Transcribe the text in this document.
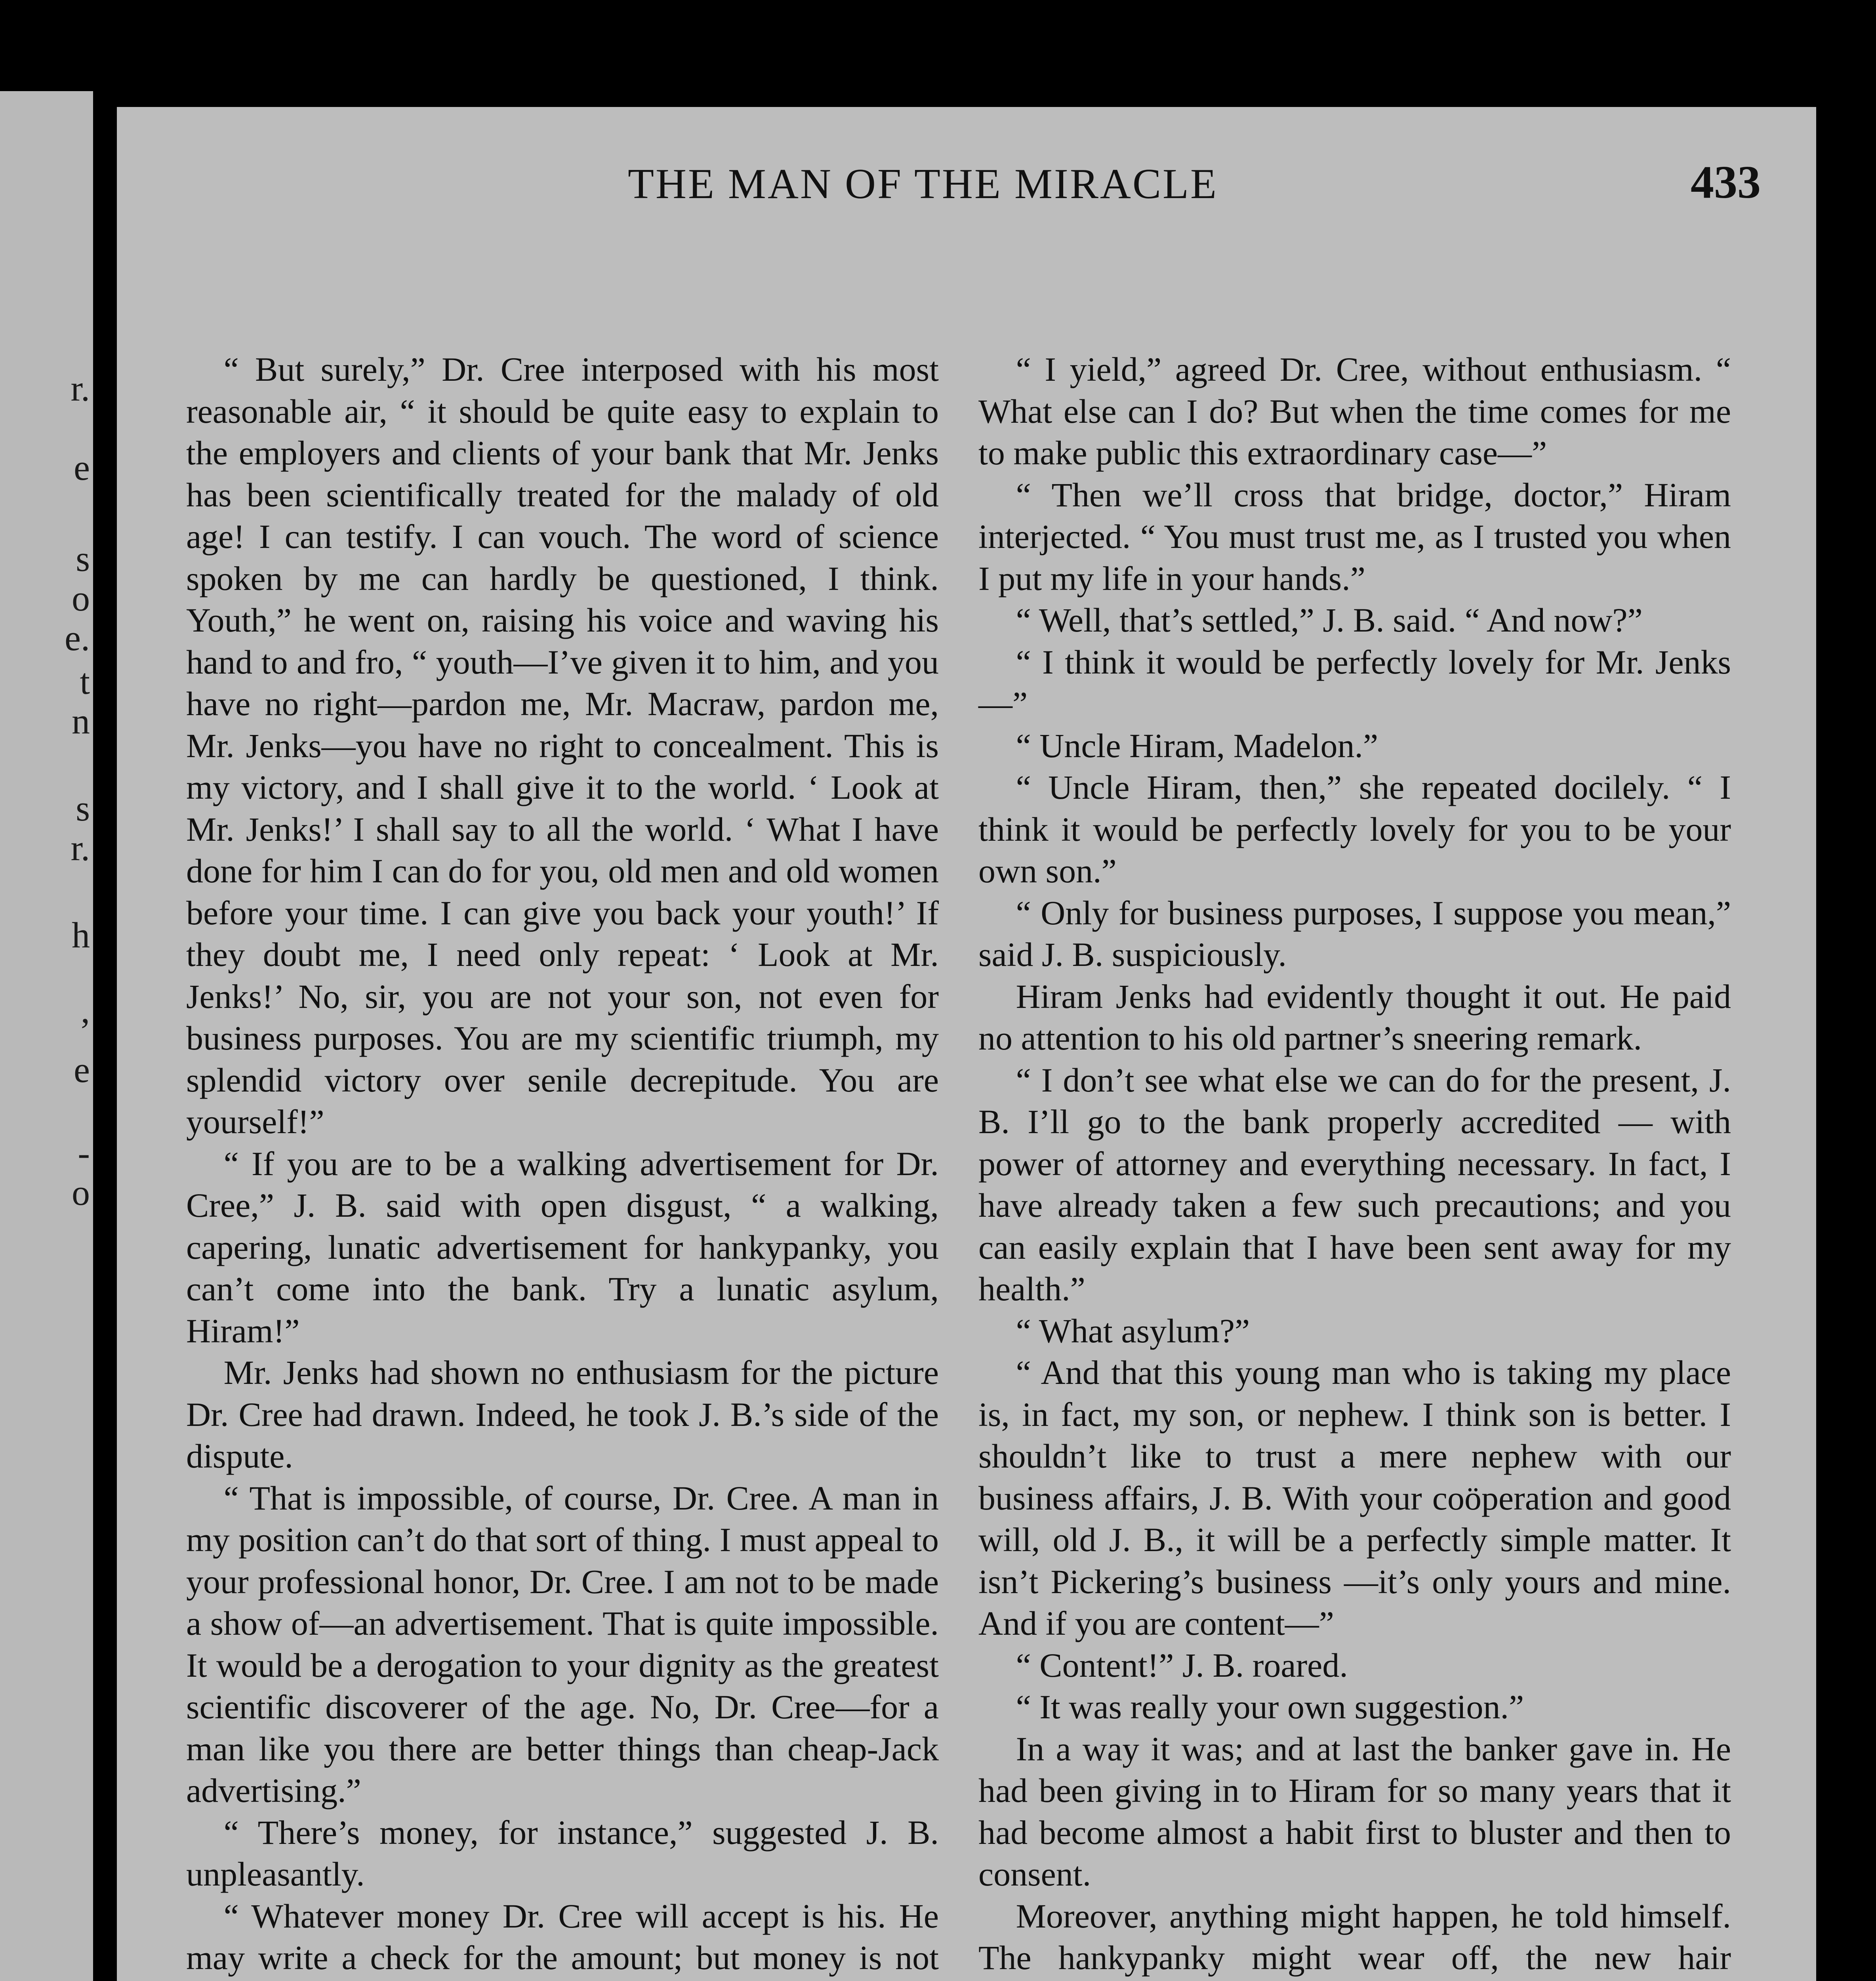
r.
e
s
o
e.
t
n
s
r.
h
,
e
-
o
THE MAN OF THE MIRACLE	433

“ But surely,” Dr. Cree interposed with his most reasonable air, “ it should be quite easy to explain to the employers and clients of your bank that Mr. Jenks has been scientifically treated for the malady of old age! I can testify. I can vouch. The word of science spoken by me can hardly be questioned, I think. Youth,” he went on, raising his voice and waving his hand to and fro, “ youth—I’ve given it to him, and you have no right—pardon me, Mr. Macraw, pardon me, Mr. Jenks—you have no right to concealment. This is my victory, and I shall give it to the world. ‘ Look at Mr. Jenks!’ I shall say to all the world. ‘ What I have done for him I can do for you, old men and old women before your time. I can give you back your youth!’ If they doubt me, I need only repeat: ‘ Look at Mr. Jenks!’ No, sir, you are not your son, not even for business purposes. You are my scientific triumph, my splendid victory over senile decrepitude. You are yourself!”

“ If you are to be a walking advertisement for Dr. Cree,” J. B. said with open disgust, “ a walking, capering, lunatic advertisement for hankypanky, you can’t come into the bank. Try a lunatic asylum, Hiram!”

Mr. Jenks had shown no enthusiasm for the picture Dr. Cree had drawn. Indeed, he took J. B.’s side of the dispute.

“ That is impossible, of course, Dr. Cree. A man in my position can’t do that sort of thing. I must appeal to your professional honor, Dr. Cree. I am not to be made a show of—an advertisement. That is quite impossible. It would be a derogation to your dignity as the greatest scientific discoverer of the age. No, Dr. Cree—for a man like you there are better things than cheap-Jack advertising.”

“ There’s money, for instance,” suggested J. B. unpleasantly.

“ Whatever money Dr. Cree will accept is his. He may write a check for the amount; but money is not

“ I yield,” agreed Dr. Cree, without enthusiasm. “ What else can I do? But when the time comes for me to make public this extraordinary case—”

“ Then we’ll cross that bridge, doctor,” Hiram interjected. “ You must trust me, as I trusted you when I put my life in your hands.”

“ Well, that’s settled,” J. B. said. “ And now?”

“ I think it would be perfectly lovely for Mr. Jenks—”

“ Uncle Hiram, Madelon.”

“ Uncle Hiram, then,” she repeated docilely. “ I think it would be perfectly lovely for you to be your own son.”

“ Only for business purposes, I suppose you mean,” said J. B. suspiciously.

Hiram Jenks had evidently thought it out. He paid no attention to his old partner’s sneering remark.

“ I don’t see what else we can do for the present, J. B. I’ll go to the bank properly accredited — with power of attorney and everything necessary. In fact, I have already taken a few such precautions; and you can easily explain that I have been sent away for my health.”

“ What asylum?”

“ And that this young man who is taking my place is, in fact, my son, or nephew. I think son is better. I shouldn’t like to trust a mere nephew with our business affairs, J. B. With your coöperation and good will, old J. B., it will be a perfectly simple matter. It isn’t Pickering’s business —it’s only yours and mine. And if you are content—”

“ Content!” J. B. roared.

“ It was really your own suggestion.”

In a way it was; and at last the banker gave in. He had been giving in to Hiram for so many years that it had become almost a habit first to bluster and then to consent.

Moreover, anything might happen, he told himself. The hankypanky might wear off, the new hair
